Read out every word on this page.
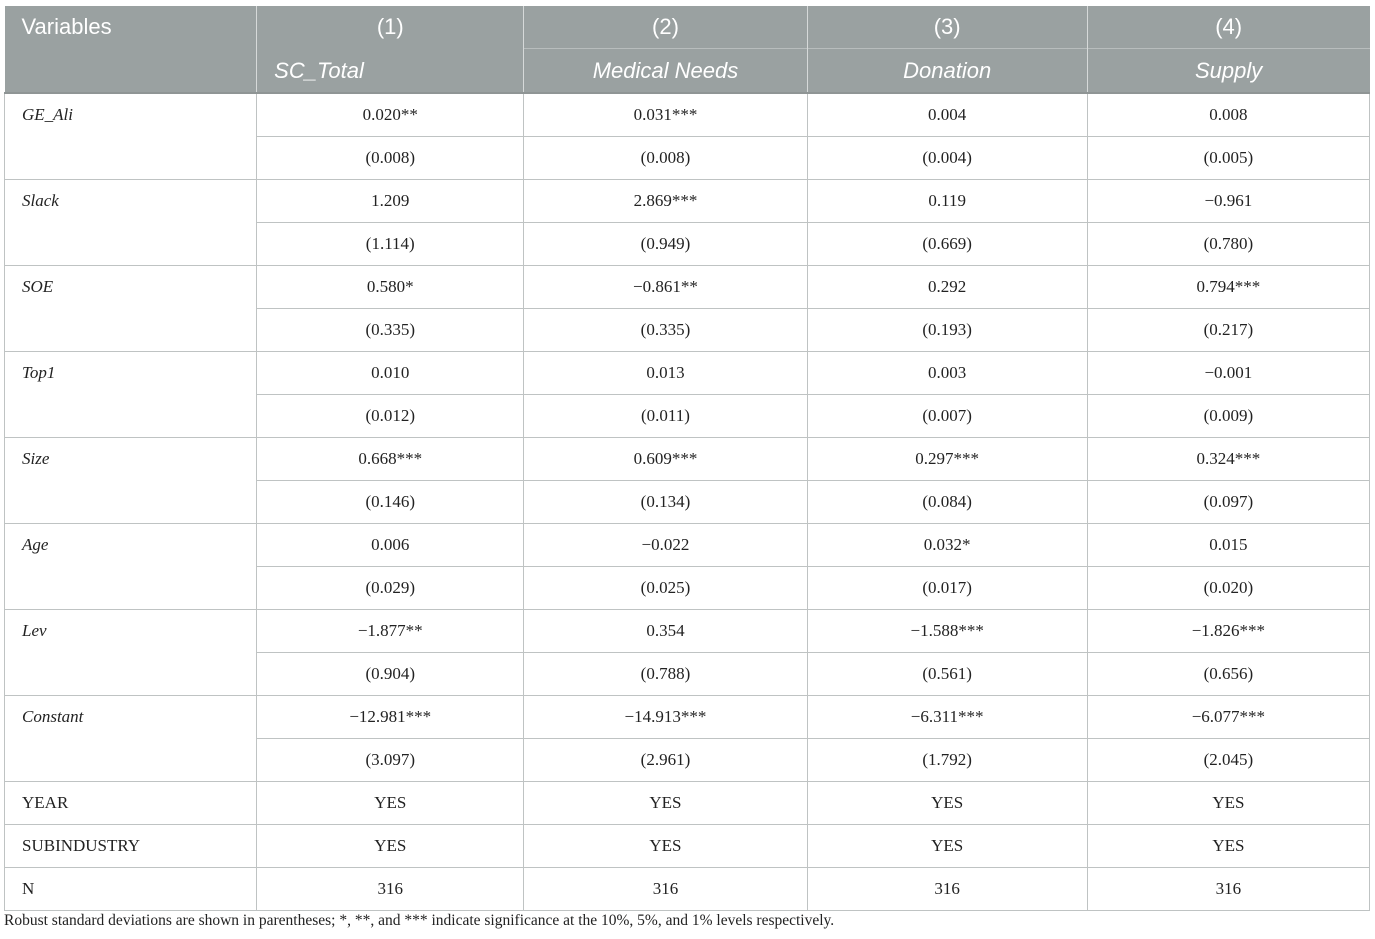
Variables	(1)	(2)	(3)	(4)
	SC_Total	Medical Needs	Donation	Supply
GE_Ali	0.020**	0.031***	0.004	0.008
	(0.008)	(0.008)	(0.004)	(0.005)
Slack	1.209	2.869***	0.119	−0.961
	(1.114)	(0.949)	(0.669)	(0.780)
SOE	0.580*	−0.861**	0.292	0.794***
	(0.335)	(0.335)	(0.193)	(0.217)
Top1	0.010	0.013	0.003	−0.001
	(0.012)	(0.011)	(0.007)	(0.009)
Size	0.668***	0.609***	0.297***	0.324***
	(0.146)	(0.134)	(0.084)	(0.097)
Age	0.006	−0.022	0.032*	0.015
	(0.029)	(0.025)	(0.017)	(0.020)
Lev	−1.877**	0.354	−1.588***	−1.826***
	(0.904)	(0.788)	(0.561)	(0.656)
Constant	−12.981***	−14.913***	−6.311***	−6.077***
	(3.097)	(2.961)	(1.792)	(2.045)
YEAR	YES	YES	YES	YES
SUBINDUSTRY	YES	YES	YES	YES
N	316	316	316	316
Robust standard deviations are shown in parentheses; *, **, and *** indicate significance at the 10%, 5%, and 1% levels respectively.
